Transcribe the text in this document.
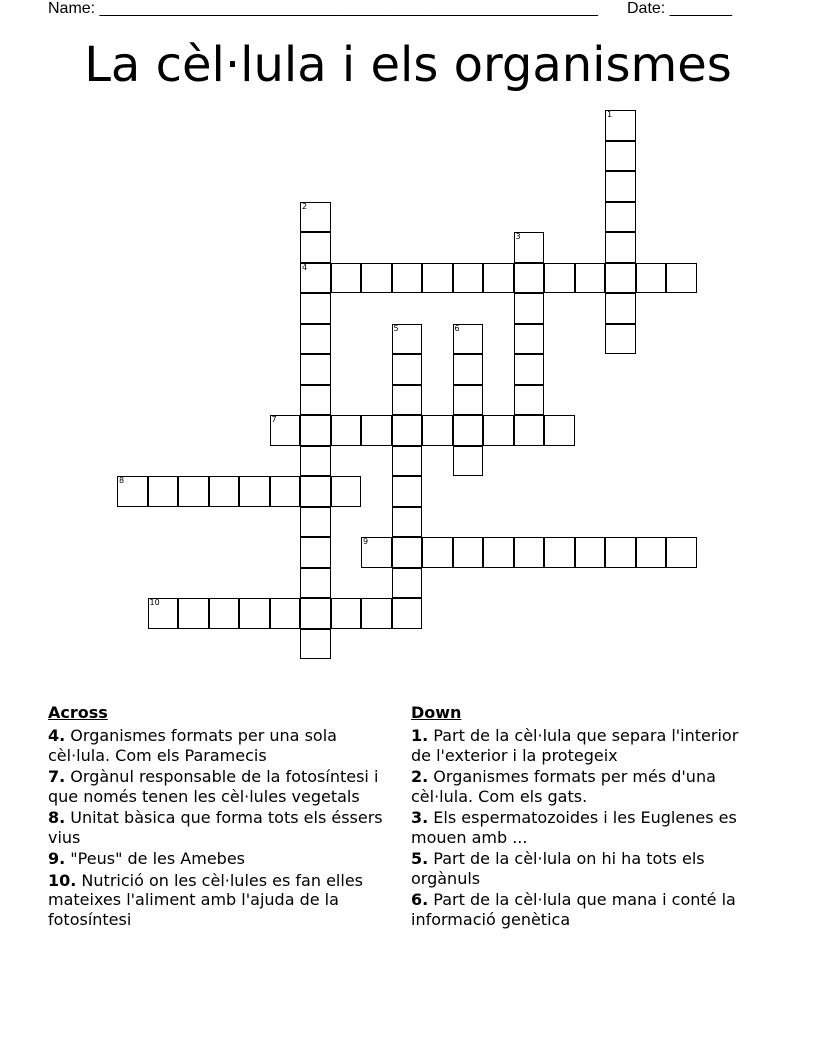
Name: ________________________________________________________ Date: _______
La cèl·lula i els organismes
1
2
4
3
5	6
7
8
9
10
Across
4. Organismes formats per una sola cèl·lula. Com els Paramecis
7. Orgànul responsable de la fotosíntesi i que només tenen les cèl·lules vegetals
8. Unitat bàsica que forma tots els éssers vius
9. "Peus" de les Amebes
10. Nutrició on les cèl·lules es fan elles mateixes l'aliment amb l'ajuda de la fotosíntesi
Down
1. Part de la cèl·lula que separa l'interior de l'exterior i la protegeix
2. Organismes formats per més d'una cèl·lula. Com els gats.
3. Els espermatozoides i les Euglenes es mouen amb ...
5. Part de la cèl·lula on hi ha tots els orgànuls
6. Part de la cèl·lula que mana i conté la informació genètica
